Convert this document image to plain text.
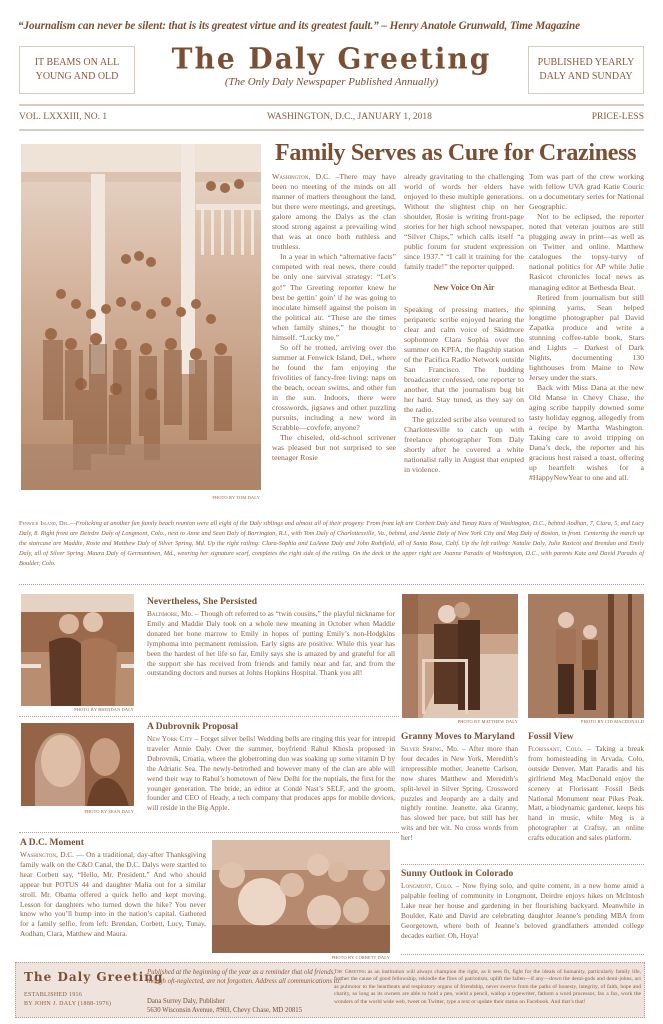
“Journalism can never be silent: that is its greatest virtue and its greatest fault.” – Henry Anatole Grunwald, Time Magazine
IT BEAMS ON ALL
YOUNG AND OLD
The Daly Greeting
(The Only Daly Newspaper Published Annually)
PUBLISHED YEARLY
DALY AND SUNDAY
VOL. LXXXIII, NO. 1	WASHINGTON, D.C., JANUARY 1, 2018	PRICE-LESS
PHOTO BY TOM DALY
Family Serves as Cure for Craziness

Washington, D.C. –There may have been no meeting of the minds on all manner of matters throughout the land, but there were meetings, and greetings, galore among the Dalys as the clan stood strong against a prevailing wind that was at once both ruthless and truthless.

In a year in which “alternative facts” competed with real news, there could be only one survival strategy: “Let’s go!” The Greeting reporter knew he best be gettin’ goin’ if he was going to inoculate himself against the poison in the political air. “These are the times when family shines,” he thought to himself. “Lucky me.”

So off he trotted, arriving over the summer at Fenwick Island, Del., where he found the fam enjoying the frivolities of fancy-free living: naps on the beach, ocean swims, and other fun in the sun. Indoors, there were crosswords, jigsaws and other puzzling pursuits, including a new word in Scrabble—covfefe, anyone?

The chiseled, old-school scrivener was pleased but not surprised to see teenager Rosie

already gravitating to the challenging world of words her elders have enjoyed lo these multiple generations. Without the slightest chip on her shoulder, Rosie is writing front-page stories for her high school newspaper, “Silver Chips,” which calls itself “a public forum for student expression since 1937.” “I call it training for the family trade!” the reporter quipped.

New Voice On Air

Speaking of pressing matters, the peripatetic scribe enjoyed hearing the clear and calm voice of Skidmore sophomore Clara Sophia over the summer on KPFA, the flagship station of the Pacifica Radio Network outside San Francisco. The budding broadcaster confessed, one reporter to another, that the journalism bug bit her hard. Stay tuned, as they say on the radio.

The grizzled scribe also ventured to Charlottesville to catch up with freelance photographer Tom Daly shortly after he covered a white nationalist rally in August that erupted in violence.

Tom was part of the crew working with fellow UVA grad Katie Couric on a documentary series for National Geographic.

Not to be eclipsed, the reporter noted that veteran journos are still plugging away in print—as well as on Twitter and online. Matthew catalogues the topsy-turvy of national politics for AP while Julie Rasicot chronicles local news as managing editor at Bethesda Beat.

Retired from journalism but still spinning yarns, Sean helped longtime photographer pal David Zapatka produce and write a stunning coffee-table book, Stars and Lights – Darkest of Dark Nights, documenting 130 lighthouses from Maine to New Jersey under the stars.

Back with Miss Dana at the new Old Manse in Chevy Chase, the aging scribe happily downed some tasty holiday eggnog, allegedly from a recipe by Martha Washington. Taking care to avoid tripping on Dana’s deck, the reporter and his gracious host raised a toast, offering up heartfelt wishes for a #HappyNewYear to one and all.

Fenwick Island, Del.—Frolicking at another fun family beach reunion were all eight of the Daly siblings and almost all of their progeny. From front left are Corbett Daly and Tunay Kuru of Washington, D.C., behind Aodhan, 7, Ciara, 5, and Lucy Daly, 8. Right front are Deirdre Daly of Longmont, Colo., next to Anne and Sean Daly of Barrington, R.I., with Tom Daly of Charlottesville, Va., behind, and Annie Daly of New York City and Meg Daly of Boston, in front. Centering the march up the staircase are Maddie, Rosie and Matthew Daly of Silver Spring, Md. Up the right railing: Clara-Sophia and LuAnne Daly and John Rothfield, all of Santa Rosa, Calif. Up the left railing: Natalie Daly, Julie Rasicot and Brendan and Emily Daly, all of Silver Spring. Maura Daly of Germantown, Md., wearing her signature scarf, completes the right side of the railing. On the deck in the upper right are Joanne Paradis of Washington, D.C., with parents Kate and David Paradis of Boulder, Colo.
PHOTO BY BRENDAN DALY
Nevertheless, She Persisted
Baltimore, Md. – Though oft referred to as “twin cousins,” the playful nickname for Emily and Maddie Daly took on a whole new meaning in October when Maddie donated her bone marrow to Emily in hopes of putting Emily’s non-Hodgkins lymphoma into permanent remission. Early signs are positive. While this year has been the hardest of her life so far, Emily says she is amazed by and grateful for all the support she has received from friends and family near and far, and from the outstanding doctors and nurses at Johns Hopkins Hospital. Thank you all!
PHOTO BY SEAN DALY
A Dubrovnik Proposal
New York City – Forget silver bells! Wedding bells are ringing this year for intrepid traveler Annie Daly. Over the summer, boyfriend Rahul Khosla proposed in Dubrovnik, Croatia, where the globetrotting duo was soaking up some vitamin D by the Adriatic Sea. The newly-betrothed and however many of the clan are able will wend their way to Rahul’s hometown of New Delhi for the nuptials, the first for the younger generation. The bride, an editor at Condé Nast’s SELF, and the groom, founder and CEO of Heady, a tech company that produces apps for mobile devices, will reside in the Big Apple.
A D.C. Moment
Washington, D.C. — On a traditional, day-after Thanksgiving family walk on the C&O Canal, the D.C. Dalys were startled to hear Corbett say, “Hello, Mr. President.” And who should appear but POTUS 44 and daughter Malia out for a similar stroll. Mr. Obama offered a quick hello and kept moving. Lesson for daughters who turned down the hike? You never know who you’ll bump into in the nation’s capital. Gathered for a family selfie, from left: Brendan, Corbett, Lucy, Tunay, Aodhan, Ciara, Matthew and Maura.
PHOTO BY CORBETT DALY
PHOTO BY MATTHEW DALY	PHOTO BY CID MACDONALD
Granny Moves to Maryland
Silver Spring, Md. – After more than four decades in New York, Meredith’s irrepressible mother, Jeanette Carlson, now shares Matthew and Meredith’s split-level in Silver Spring. Crossword puzzles and Jeopardy are a daily and nightly routine. Jeanette, aka Granny, has slowed her pace, but still has her wits and her wit. No cross words from her!
Fossil View
Florissant, Colo. – Taking a break from homesteading in Arvada, Colo, outside Denver, Matt Paradis and his girlfriend Meg MacDonald enjoy the scenery at Florissant Fossil Beds National Monument near Pikes Peak. Matt, a biodynamic gardener, keeps his hand in music, while Meg is a photographer at Craftsy, an online crafts education and sales platform.
Sunny Outlook in Colorado
Longmont, Colo. – Now flying solo, and quite content, in a new home amid a palpable feeling of community in Longmont, Deirdre enjoys hikes on McIntosh Lake near her house and gardening in her flourishing backyard. Meanwhile in Boulder, Kate and David are celebrating daughter Jeanne’s pending MBA from Georgetown, where both of Jeanne’s beloved grandfathers attended college decades earlier. Oh, Hoya!
The Daly Greeting
ESTABLISHED 1916
BY JOHN J. DALY (1888-1976)
Published at the beginning of the year as a reminder that old friends, though oft-neglected, are not forgotten. Address all communications to:
Dana Surrey Daly, Publisher
5630 Wisconsin Avenue, #903, Chevy Chase, MD 20815
The Greeting as an institution will always champion the right, as it sees fit, fight for the ideals of humanity, particularly family life, further the cause of good fellowship, rekindle the fires of patriotism, uplift the fallen—if any—down the demi-gods and demi-johns, act as pulmotor to the heartbeats and respiratory organs of friendship, never swerve from the paths of honesty, integrity, of faith, hope and charity, so long as its owners are able to hold a pen, wield a pencil, wallop a typewriter, fathom a word processor, fax a fax, work the wonders of the world wide web, tweet on Twitter, type a text or update their status on Facebook. And that’s that!
